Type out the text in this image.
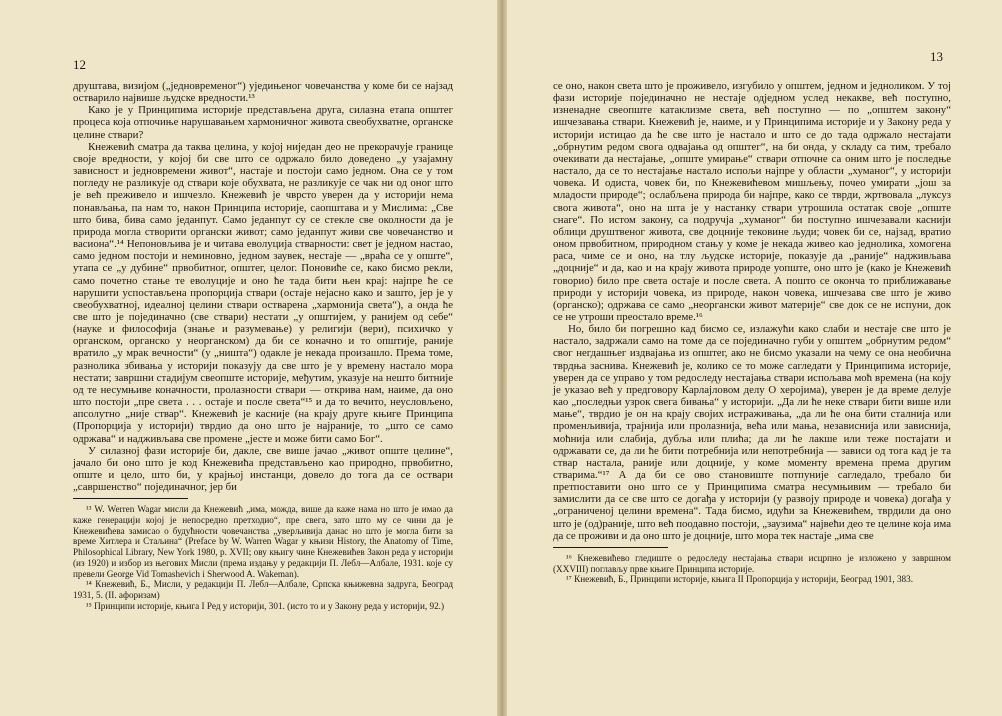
12

друштава, визијом („једновременог“) уједињеног човечанства у коме би се најзад остварило највише људске вредности.¹³

Како је у Принципима историје представљена друга, силазна етапа општег процеса која отпочиње нарушавањем хармоничног живота свеобухватне, органске целине ствари?

Кнежевић сматра да таква целина, у којој ниједан део не прекорачује границе своје вредности, у којој би све што се одржало било доведено „у узајамну зависност и једновремени живот“, настаје и постоји само једном. Она се у том погледу не разликује од ствари које обухвата, не разликује се чак ни од оног што је већ преживело и ишчезло. Кнежевић је чврсто уверен да у историји нема понављања, па нам то, након Принципа историје, саопштава и у Мислима: „Све што бива, бива само једанпут. Само једанпут су се стекле све околности да је природа могла створити органски живот; само једанпут живи све човечанство и васиона“.¹⁴ Непоновљива је и читава еволуција стварности: свет је једном настао, само једном постоји и неминовно, једном заувек, нестаје — „враћа се у опште“, утапа се „у дубине“ првобитног, општег, целог. Поновиће се, како бисмо рекли, само почетно стање те еволуције и оно ће тада бити њен крај: најпре ће се нарушити успостављена пропорција ствари (остаје нејасно како и зашто, јер је у свеобухватној, идеалној целини ствари остварена „хармонија света“), а онда ће све што је појединачно (све ствари) нестати „у општијем, у ранијем од себе“ (науке и философија (знање и разумевање) у религији (вери), психичко у органском, органско у неорганском) да би се коначно и то општије, раније вратило „у мрак вечности“ (у „ништа“) одакле је некада произашло. Према томе, разноликa збивања у историји показују да све што је у времену настало мора нестати; завршни стадијум свеопште историје, међутим, указује на нешто битније од те несумњиве коначности, пролазности ствари — открива нам, наиме, да оно што постоји „пре света . . . остаје и после света“¹⁵ и да то вечито, неусловљено, апсолутно „није ствар“. Кнежевић је касније (на крају друге књиге Принципа (Пропорција у историји) тврдио да оно што је најраније, то „што се само одржава“ и надживљава све промене „јесте и може бити само Бог“.

У силазној фази историје би, дакле, све више јачао „живот опште целине“, јачало би оно што је код Кнежевића представљено као природно, првобитно, опште и цело, што би, у крајњој инстанци, довело до тога да се оствари „савршенство“ појединачног, јер би

¹³ W. Werren Wagar мисли да Кнежевић „има, можда, више да каже нама но што је имао да каже генерацији којој је непосредно претходио“, пре свега, зато што му се чини да је Кнежевићева замисао о будућности човечанства „уверљивија данас но што је могла бити за време Хитлера и Стаљина“ (Preface by W. Warren Wagar у књизи History, the Anatomy of Time, Philosophical Library, New York 1980, p. XVII; ову књигу чине Кнежевићев Закон реда у историји (из 1920) и избор из његових Мисли (према издању у редакцији П. Лебл—Албале, 1931. које су превели George Vid Tomashevich i Sherwood A. Wakeman).

¹⁴ Кнежевић, Б., Мисли, у редакцији П. Лебл—Албале, Српска књижевна задруга, Београд 1931, 5. (II. афоризам)

¹⁵ Принципи историје, књига I Ред у историји, 301. (исто то и у Закону реда у историји, 92.)

13

се оно, након света што је проживело, изгубило у општем, једном и једноликом. У тој фази историје појединачно не нестаје одједном услед некакве, већ поступно, изненадне свеопште катаклизме света, већ поступно — по „општем закону“ ишчезавања ствари. Кнежевић је, наиме, и у Принципима историје и у Закону реда у историји истицао да ће све што је настало и што се до тада одржало нестајати „обрнутим редом свога одвајања од општег“, на би онда, у складу са тим, требало очекивати да нестајање, „опште умирање“ ствари отпочне са оним што је последње настало, да се то нестајање настало испољи најпре у области „хуманог“, у историји човека. И одиста, човек би, по Кнежевићевом мишљењу, почео умирати „још за младости природе“; ослабљена природа би најпре, како се тврди, жртвовала „луксуз свога живота“, оно на шта је у настанку ствари утрошила остатак своје „опште снаге“. По истом закону, са подручја „хуманог“ би поступно ишчезавали каснији облици друштвеног живота, све доцније тековине људи; човек би се, најзад, вратио оном првобитном, природном стању у коме је некада живео као једнолика, хомогена раса, чиме се и оно, на тлу људске историје, показује да „раније“ надживљава „доцније“ и да, као и на крају живота природе уопште, оно што је (како је Кнежевић говорио) било пре света остаје и после света. А пошто се оконча то приближавање природи у историји човека, из природе, након човека, ишчезава све што је живо (органско); одржава се само „неоргански живот материје“ све док се не испуни, док се не утроши преостало време.¹⁶

Но, било би погрешно кад бисмо се, излажући како слаби и нестаје све што је настало, задржали само на томе да се појединачно губи у општем „обрнутим редом“ свог негдашњег издвајања из општег, ако не бисмо указали на чему се она необична тврдња заснива. Кнежевић је, колико се то може сагледати у Принципима историје, уверен да се управо у том редоследу нестајања ствари испољава моћ времена (на коју је указао већ у предговору Карлајловом делу О херојима), уверен је да време делује као „последњи узрок свега бивања“ у историји. „Да ли ће неке ствари бити више или мање“, тврдио је он на крају својих истраживања, „да ли ће она бити сталнија или променљивија, трајнија или пролазнија, већа или мања, независнија или зависнија, моћнија или слабија, дубља или плића; да ли ће лакше или теже постајати и одржавати се, да ли ће бити потребнија или непотребнија — зависи од тога кад је та ствар настала, раније или доцније, у коме моменту времена према другим стварима.“¹⁷ А да би се ово становиште потпуније сагледало, требало би претпоставити оно што се у Принципима сматра несумњивим — требало би замислити да се све што се догађа у историји (у развоју природе и човека) догађа у „ограниченој целини времена“. Тада бисмо, идући за Кнежевићем, тврдили да оно што је (од)раније, што већ поодавно постоји, „заузима“ највећи део те целине која има да се проживи и да оно што је доцније, што мора тек настаје „има све

¹⁶ Кнежевићево гледиште о редоследу нестајања ствари исцрпно је изложено у завршном (XXVIII) поглављу прве књиге Принципа историје.

¹⁷ Кнежевић, Б., Принципи историје, књига II Пропорција у историји, Београд 1901, 383.
